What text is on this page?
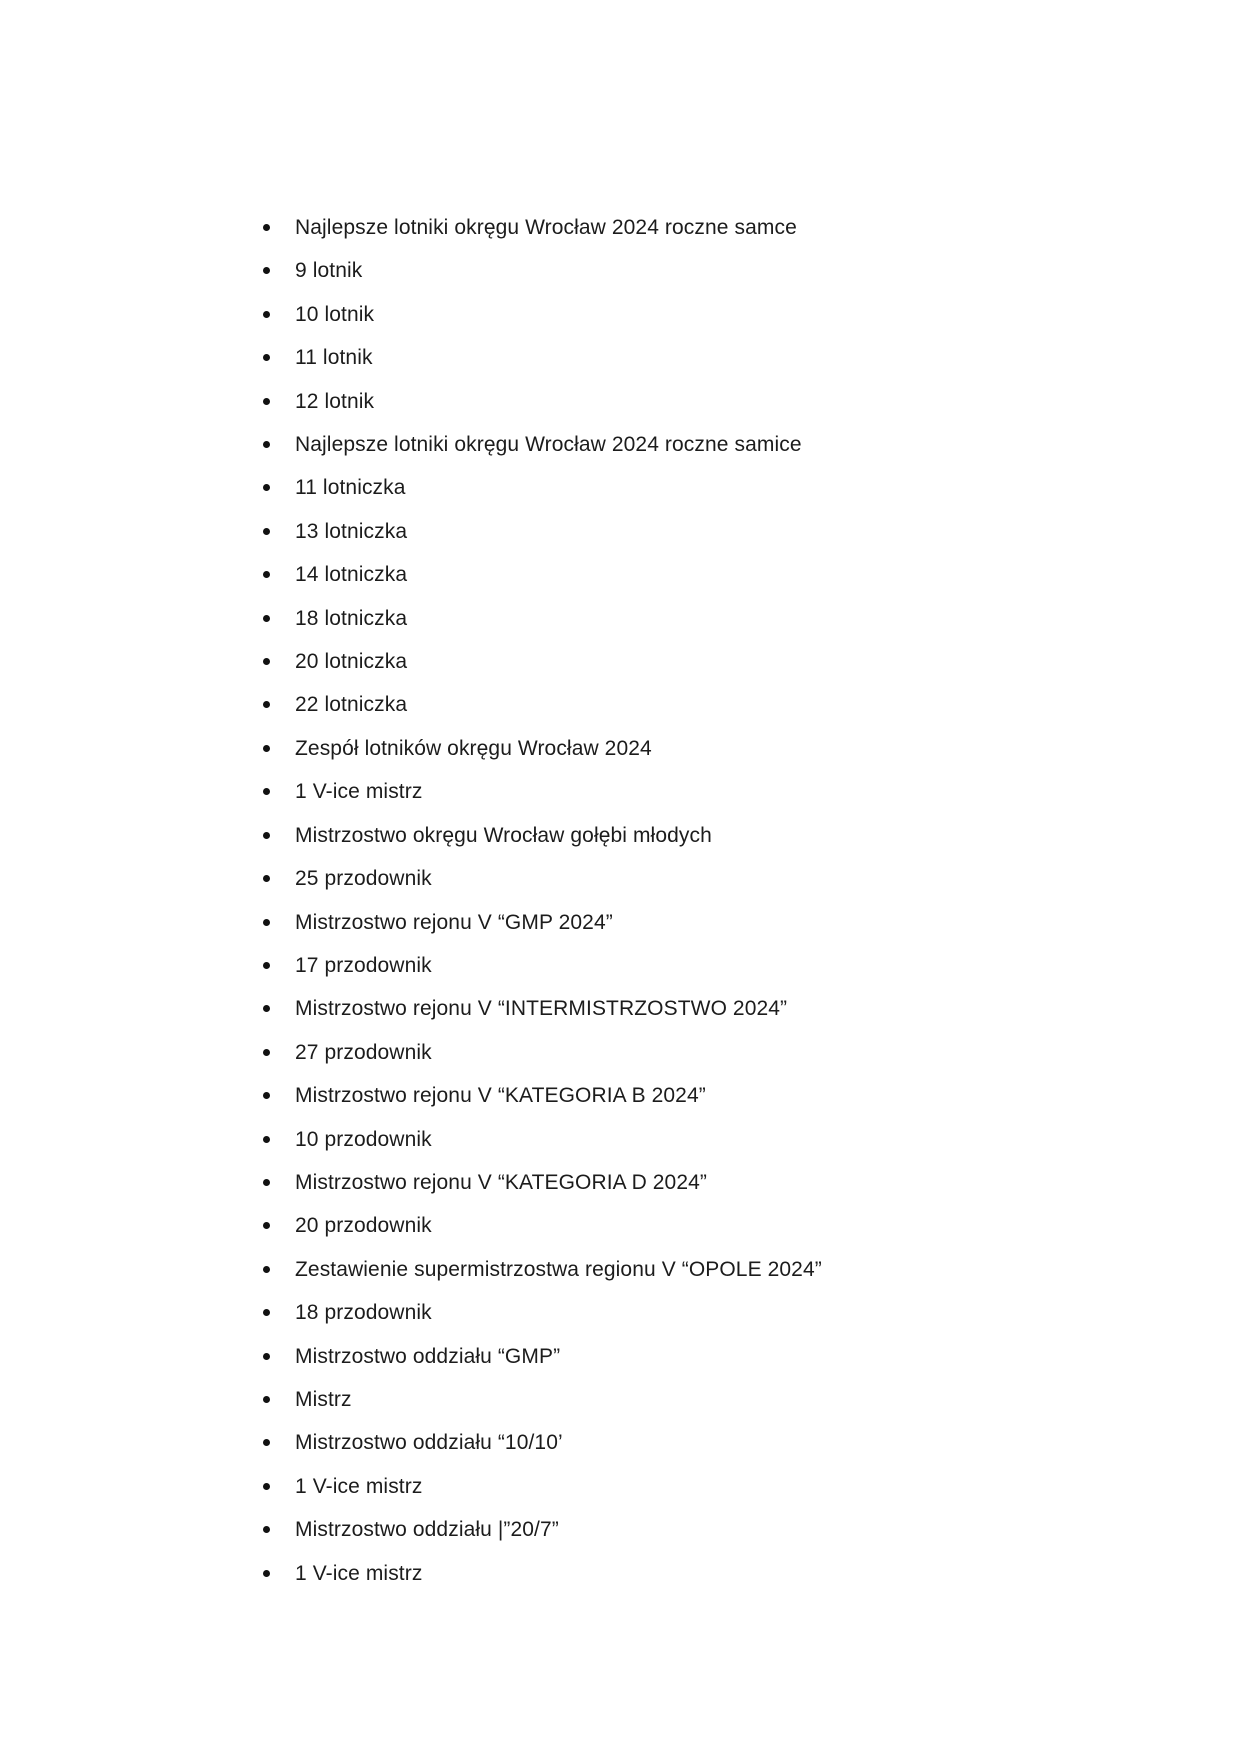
Najlepsze lotniki okręgu Wrocław 2024 roczne samce
9 lotnik
10 lotnik
11 lotnik
12 lotnik
Najlepsze lotniki okręgu Wrocław 2024 roczne samice
11 lotniczka
13 lotniczka
14 lotniczka
18 lotniczka
20 lotniczka
22 lotniczka
Zespół lotników okręgu Wrocław 2024
1 V-ice mistrz
Mistrzostwo okręgu Wrocław gołębi młodych
25 przodownik
Mistrzostwo rejonu V “GMP 2024”
17 przodownik
Mistrzostwo rejonu V “INTERMISTRZOSTWO 2024”
27 przodownik
Mistrzostwo rejonu V “KATEGORIA B 2024”
10 przodownik
Mistrzostwo rejonu V “KATEGORIA D 2024”
20 przodownik
Zestawienie supermistrzostwa regionu V “OPOLE 2024”
18 przodownik
Mistrzostwo oddziału “GMP”
Mistrz
Mistrzostwo oddziału “10/10’
1 V-ice mistrz
Mistrzostwo oddziału |”20/7”
1 V-ice mistrz
